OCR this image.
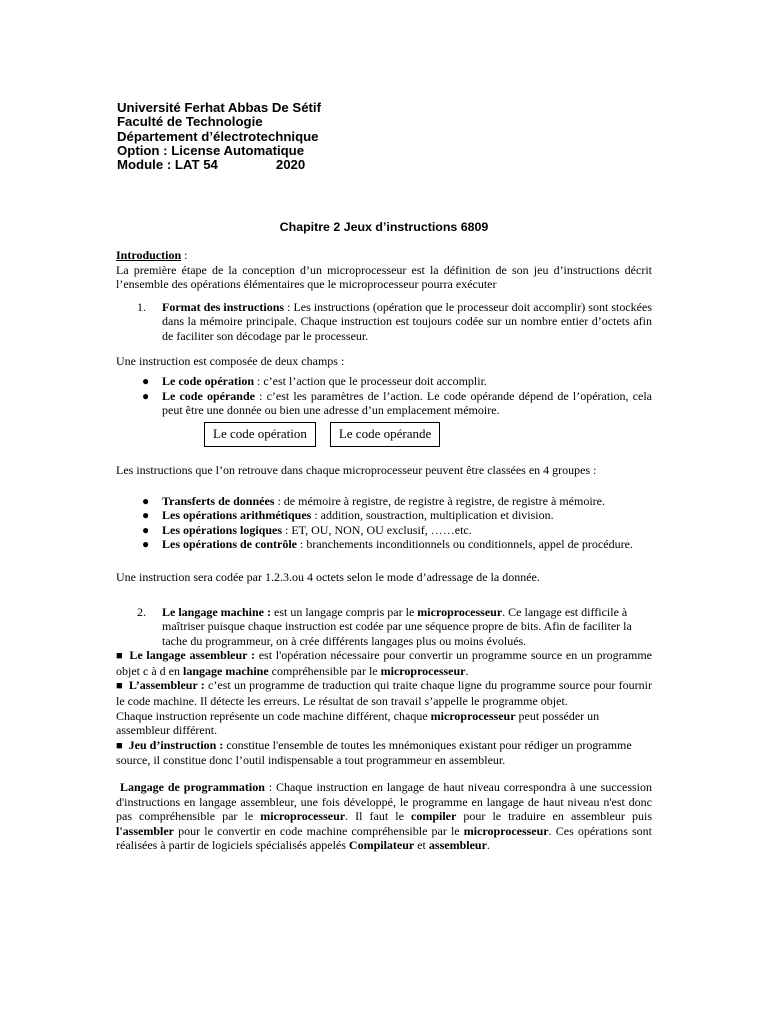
Université Ferhat Abbas De Sétif
Faculté de Technologie
Département d’électrotechnique
Option : License Automatique
Module : LAT 54	2020
Chapitre 2 Jeux d’instructions 6809

Introduction :

La première étape de la conception d’un microprocesseur est la définition de son jeu d’instructions décrit l’ensemble des opérations élémentaires que le microprocesseur pourra exécuter

1.	Format des instructions : Les instructions (opération que le processeur doit accomplir) sont stockées dans la mémoire principale. Chaque instruction est toujours codée sur un nombre entier d’octets afin de faciliter son décodage par le processeur.

Une instruction est composée de deux champs :

●	Le code opération : c’est l’action que le processeur doit accomplir.

●	Le code opérande : c’est les paramètres de l’action. Le code opérande dépend de l’opération, cela peut être une donnée ou bien une adresse d’un emplacement mémoire.

Le code opération	Le code opérande

Les instructions que l’on retrouve dans chaque microprocesseur peuvent être classées en 4 groupes :

●	Transferts de données : de mémoire à registre, de registre à registre, de registre à mémoire.

●	Les opérations arithmétiques : addition, soustraction, multiplication et division.

●	Les opérations logiques : ET, OU, NON, OU exclusif, ……etc.

●	Les opérations de contrôle : branchements inconditionnels ou conditionnels, appel de procédure.

Une instruction sera codée par 1.2.3.ou 4 octets selon le mode d’adressage de la donnée.

2.	Le langage machine : est un langage compris par le microprocesseur. Ce langage est difficile à maîtriser puisque chaque instruction est codée par une séquence propre de bits. Afin de faciliter la tache du programmeur, on à crée différents langages plus ou moins évolués.

■ Le langage assembleur : est l'opération nécessaire pour convertir un programme source en un programme objet c à d en langage machine compréhensible par le microprocesseur.

■ L’assembleur : c’est un programme de traduction qui traite chaque ligne du programme source pour fournir le code machine. Il détecte les erreurs. Le résultat de son travail s’appelle le programme objet.

Chaque instruction représente un code machine différent, chaque microprocesseur peut posséder un assembleur différent.

■ Jeu d’instruction : constitue l'ensemble de toutes les mnémoniques existant pour rédiger un programme source, il constitue donc l’outil indispensable a tout programmeur en assembleur.

Langage de programmation : Chaque instruction en langage de haut niveau correspondra à une succession d'instructions en langage assembleur, une fois développé, le programme en langage de haut niveau n'est donc pas compréhensible par le microprocesseur. Il faut le compiler pour le traduire en assembleur puis l'assembler pour le convertir en code machine compréhensible par le microprocesseur. Ces opérations sont réalisées à partir de logiciels spécialisés appelés Compilateur et assembleur.
